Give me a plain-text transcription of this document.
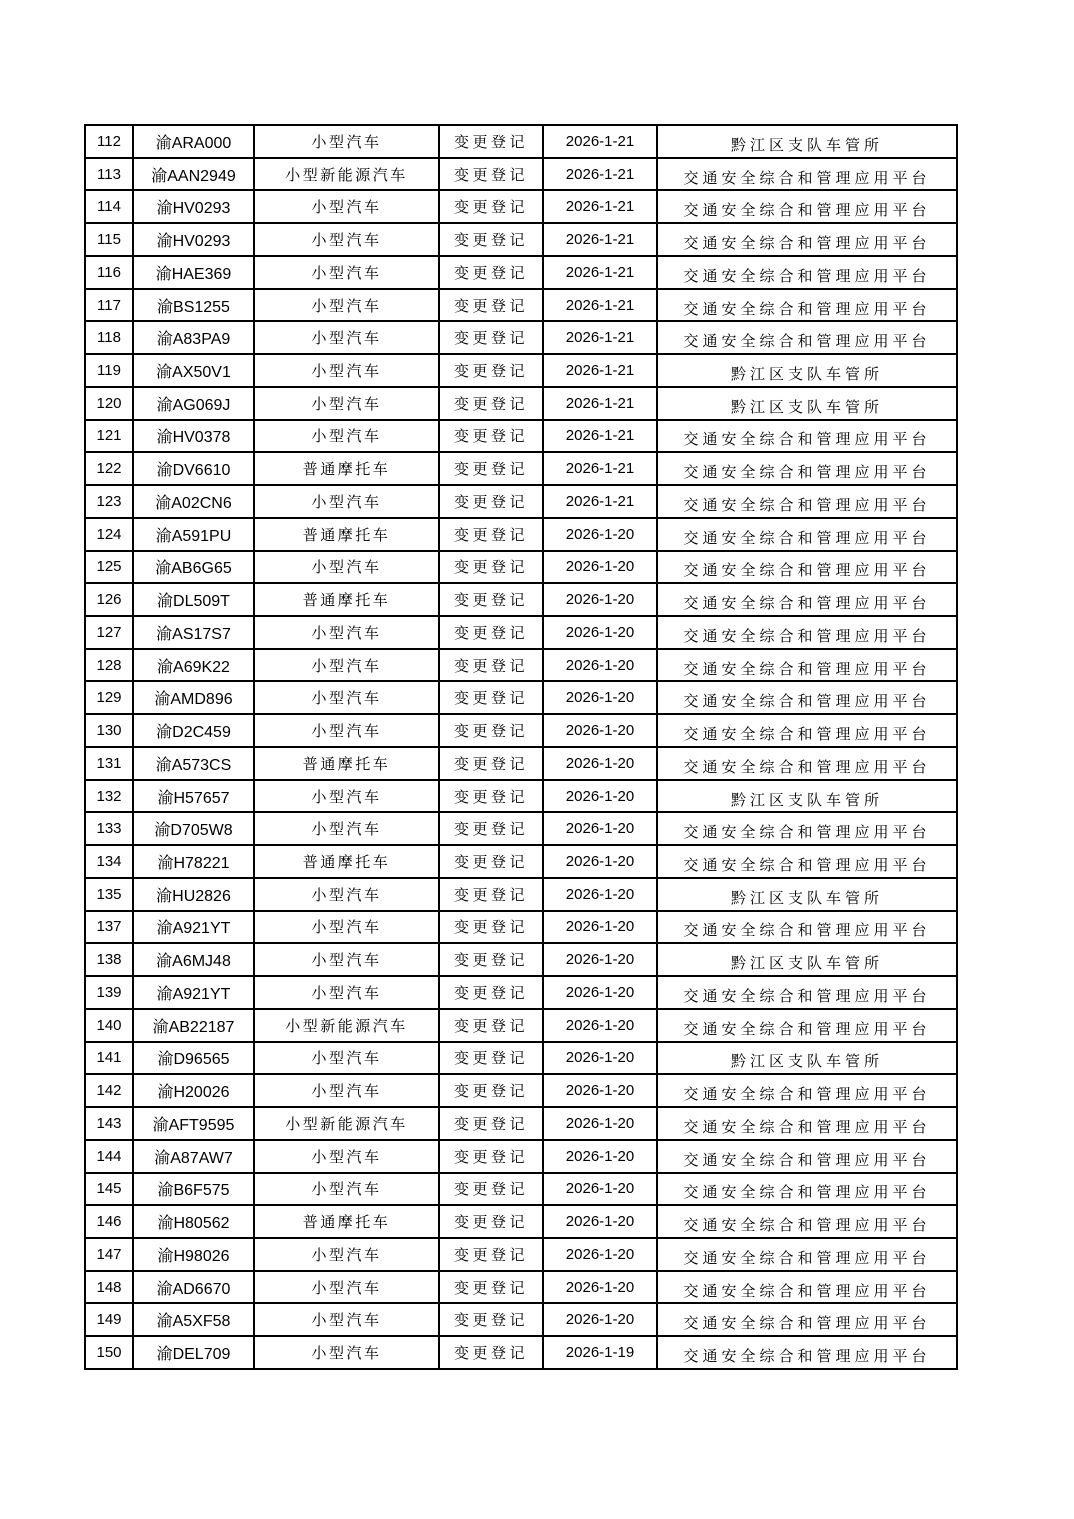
112	渝ARA000	小型汽车	变更登记	2026-1-21	黔江区支队车管所
113	渝AAN2949	小型新能源汽车	变更登记	2026-1-21	交通安全综合和管理应用平台
114	渝HV0293	小型汽车	变更登记	2026-1-21	交通安全综合和管理应用平台
115	渝HV0293	小型汽车	变更登记	2026-1-21	交通安全综合和管理应用平台
116	渝HAE369	小型汽车	变更登记	2026-1-21	交通安全综合和管理应用平台
117	渝BS1255	小型汽车	变更登记	2026-1-21	交通安全综合和管理应用平台
118	渝A83PA9	小型汽车	变更登记	2026-1-21	交通安全综合和管理应用平台
119	渝AX50V1	小型汽车	变更登记	2026-1-21	黔江区支队车管所
120	渝AG069J	小型汽车	变更登记	2026-1-21	黔江区支队车管所
121	渝HV0378	小型汽车	变更登记	2026-1-21	交通安全综合和管理应用平台
122	渝DV6610	普通摩托车	变更登记	2026-1-21	交通安全综合和管理应用平台
123	渝A02CN6	小型汽车	变更登记	2026-1-21	交通安全综合和管理应用平台
124	渝A591PU	普通摩托车	变更登记	2026-1-20	交通安全综合和管理应用平台
125	渝AB6G65	小型汽车	变更登记	2026-1-20	交通安全综合和管理应用平台
126	渝DL509T	普通摩托车	变更登记	2026-1-20	交通安全综合和管理应用平台
127	渝AS17S7	小型汽车	变更登记	2026-1-20	交通安全综合和管理应用平台
128	渝A69K22	小型汽车	变更登记	2026-1-20	交通安全综合和管理应用平台
129	渝AMD896	小型汽车	变更登记	2026-1-20	交通安全综合和管理应用平台
130	渝D2C459	小型汽车	变更登记	2026-1-20	交通安全综合和管理应用平台
131	渝A573CS	普通摩托车	变更登记	2026-1-20	交通安全综合和管理应用平台
132	渝H57657	小型汽车	变更登记	2026-1-20	黔江区支队车管所
133	渝D705W8	小型汽车	变更登记	2026-1-20	交通安全综合和管理应用平台
134	渝H78221	普通摩托车	变更登记	2026-1-20	交通安全综合和管理应用平台
135	渝HU2826	小型汽车	变更登记	2026-1-20	黔江区支队车管所
137	渝A921YT	小型汽车	变更登记	2026-1-20	交通安全综合和管理应用平台
138	渝A6MJ48	小型汽车	变更登记	2026-1-20	黔江区支队车管所
139	渝A921YT	小型汽车	变更登记	2026-1-20	交通安全综合和管理应用平台
140	渝AB22187	小型新能源汽车	变更登记	2026-1-20	交通安全综合和管理应用平台
141	渝D96565	小型汽车	变更登记	2026-1-20	黔江区支队车管所
142	渝H20026	小型汽车	变更登记	2026-1-20	交通安全综合和管理应用平台
143	渝AFT9595	小型新能源汽车	变更登记	2026-1-20	交通安全综合和管理应用平台
144	渝A87AW7	小型汽车	变更登记	2026-1-20	交通安全综合和管理应用平台
145	渝B6F575	小型汽车	变更登记	2026-1-20	交通安全综合和管理应用平台
146	渝H80562	普通摩托车	变更登记	2026-1-20	交通安全综合和管理应用平台
147	渝H98026	小型汽车	变更登记	2026-1-20	交通安全综合和管理应用平台
148	渝AD6670	小型汽车	变更登记	2026-1-20	交通安全综合和管理应用平台
149	渝A5XF58	小型汽车	变更登记	2026-1-20	交通安全综合和管理应用平台
150	渝DEL709	小型汽车	变更登记	2026-1-19	交通安全综合和管理应用平台
